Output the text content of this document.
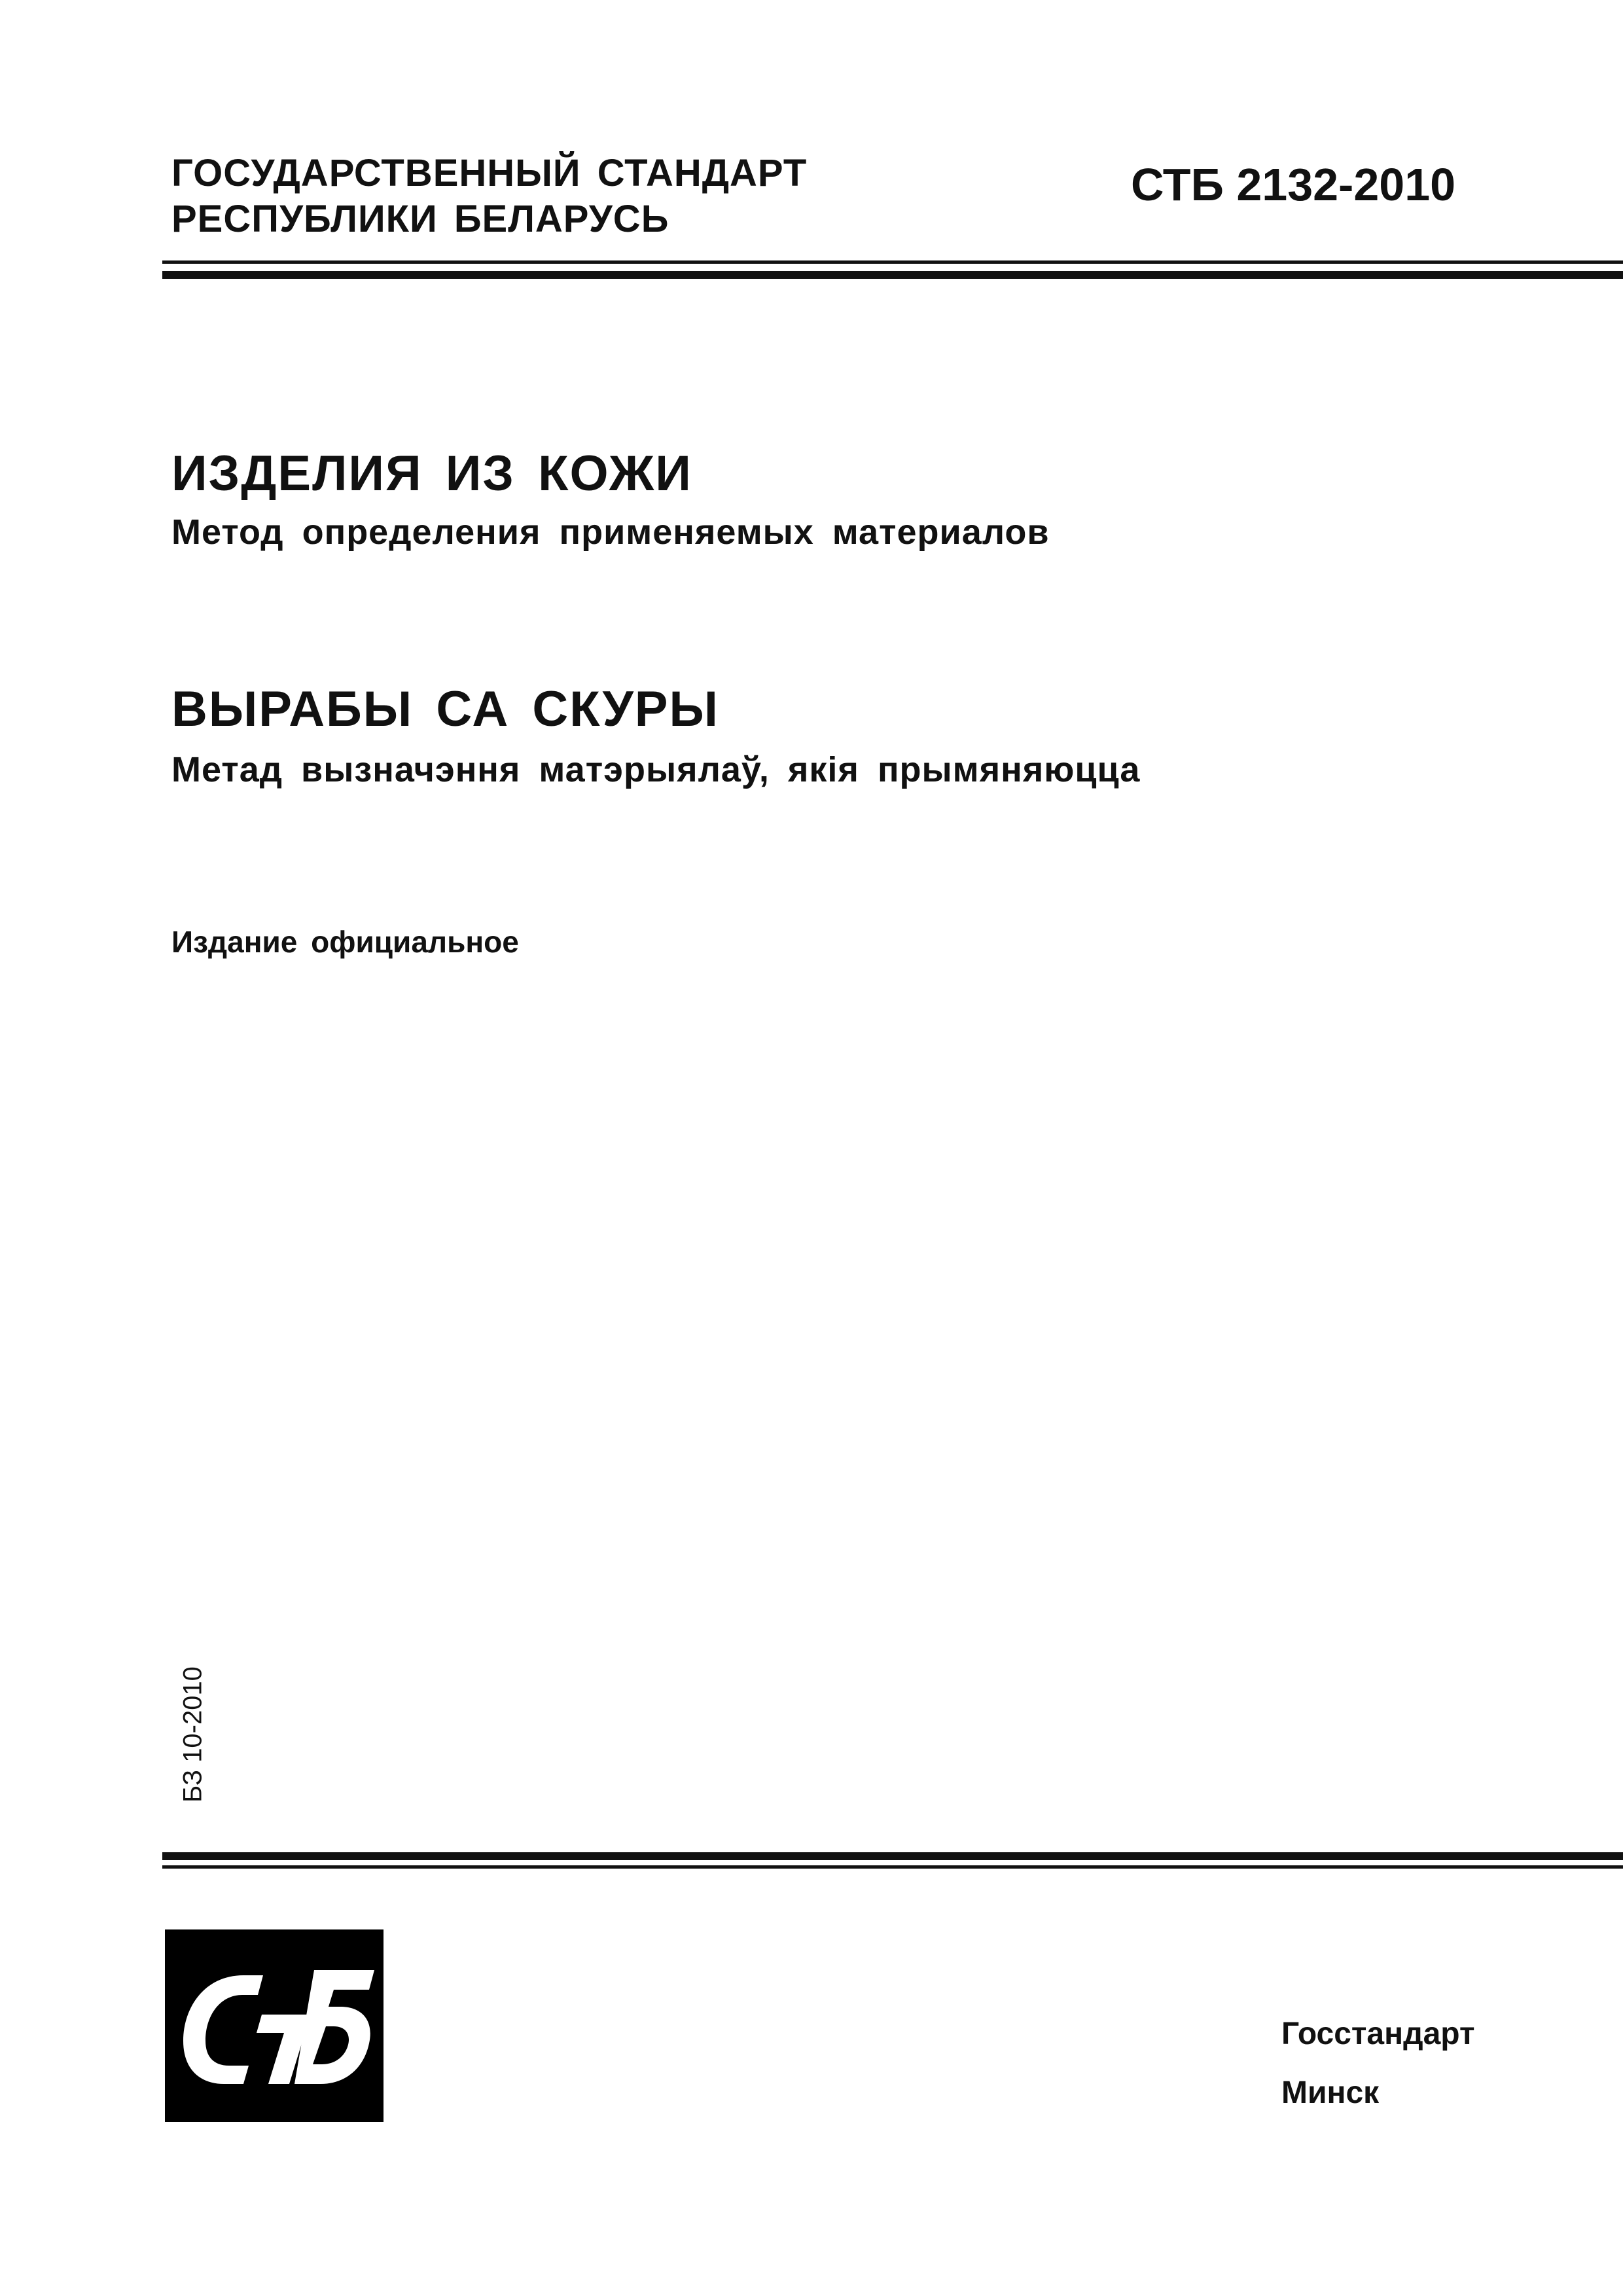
ГОСУДАРСТВЕННЫЙ СТАНДАРТ
РЕСПУБЛИКИ БЕЛАРУСЬ
СТБ 2132-2010
ИЗДЕЛИЯ ИЗ КОЖИ
Метод определения применяемых материалов
ВЫРАБЫ СА СКУРЫ
Метад вызначэння матэрыялаў, якія прымяняюцца
Издание официальное
БЗ 10-2010
Госстандарт
Минск
